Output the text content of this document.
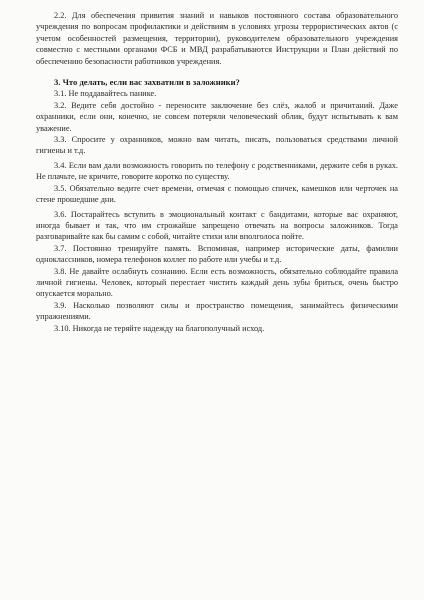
2.2. Для обеспечения привития знаний и навыков постоянного состава образовательного учреждения по вопросам профилактики и действиям в условиях угрозы террористических актов (с учетом особенностей размещения, территории), руководителем образовательного учреждения совместно с местными органами ФСБ и МВД разрабатываются Инструкции и План действий по обеспечению безопасности работников учреждения.

3. Что делать, если вас захватили в заложники?

3.1. Не поддавайтесь панике.

3.2. Ведите себя достойно - переносите заключение без слёз, жалоб и причитаний. Даже охранники, если они, конечно, не совсем потеряли человеческий облик, будут испытывать к вам уважение.

3.3. Спросите у охранников, можно вам читать, писать, пользоваться средствами личной гигиены и т.д.

3.4. Если вам дали возможность говорить по телефону с родственниками, держите себя в руках. Не плачьте, не кричите, говорите коротко по существу.

3.5. Обязательно ведите счет времени, отмечая с помощью спичек, камешков или черточек на стене прошедшие дни.

3.6. Постарайтесь вступить в эмоциональный контакт с бандитами, которые вас охраняют, иногда бывает и так, что им строжайше запрещено отвечать на вопросы заложников. Тогда разговаривайте как бы самим с собой, читайте стихи или вполголоса пойте.

3.7. Постоянно тренируйте память. Вспоминая, например исторические даты, фамилии одноклассников, номера телефонов коллег по работе или учебы и т.д.

3.8. Не давайте ослабнуть сознанию. Если есть возможность, обязательно соблюдайте правила личной гигиены. Человек, который перестает чистить каждый день зубы бриться, очень быстро опускается морально.

3.9. Насколько позволяют силы и пространство помещения, занимайтесь физическими упражнениями.

3.10. Никогда не теряйте надежду на благополучный исход.
